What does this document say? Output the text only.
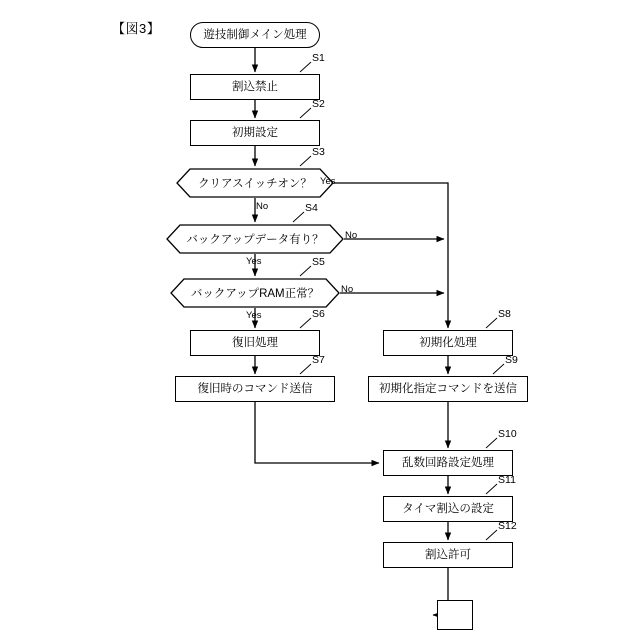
【図3】	遊技制御メイン処理
割込禁止
初期設定
クリアスイッチオン？
バックアップデータ有り？
バックアップRAM正常？
復旧処理
復旧時のコマンド送信
初期化処理
初期化指定コマンドを送信
乱数回路設定処理
タイマ割込の設定
割込許可
S1
S2
S3
S4
S5
S6
S7
S8
S9
S10
S11
S12
Yes
No
No
Yes
No
Yes
